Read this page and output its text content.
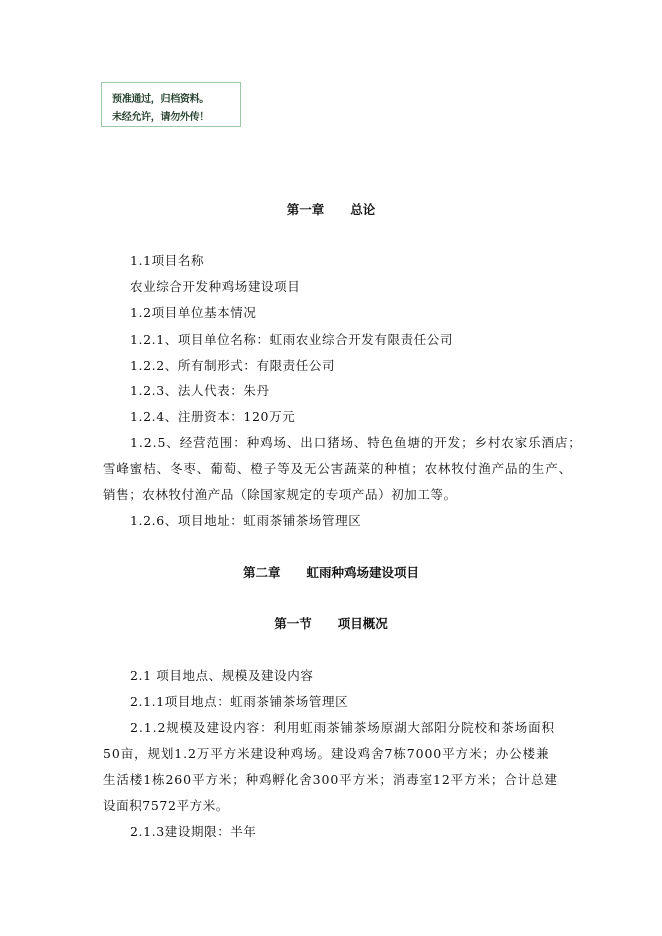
预准通过，归档资料。
未经允许，请勿外传！
第一章      总论
1.1项目名称
农业综合开发种鸡场建设项目
1.2项目单位基本情况
1.2.1、项目单位名称：虹雨农业综合开发有限责任公司
1.2.2、所有制形式：有限责任公司
1.2.3、法人代表：朱丹
1.2.4、注册资本：120万元
1.2.5、经营范围：种鸡场、出口猪场、特色鱼塘的开发；乡村农家乐酒店；
雪峰蜜桔、冬枣、葡萄、橙子等及无公害蔬菜的种植；农林牧付渔产品的生产、
销售；农林牧付渔产品（除国家规定的专项产品）初加工等。
1.2.6、项目地址：虹雨茶铺茶场管理区
第二章      虹雨种鸡场建设项目
第一节      项目概况
2.1 项目地点、规模及建设内容
2.1.1项目地点：虹雨茶铺茶场管理区
2.1.2规模及建设内容：利用虹雨茶铺茶场原湖大部阳分院校和茶场面积
50亩，规划1.2万平方米建设种鸡场。建设鸡舍7栋7000平方米；办公楼兼
生活楼1栋260平方米；种鸡孵化舍300平方米；消毒室12平方米；合计总建
设面积7572平方米。
2.1.3建设期限：半年
